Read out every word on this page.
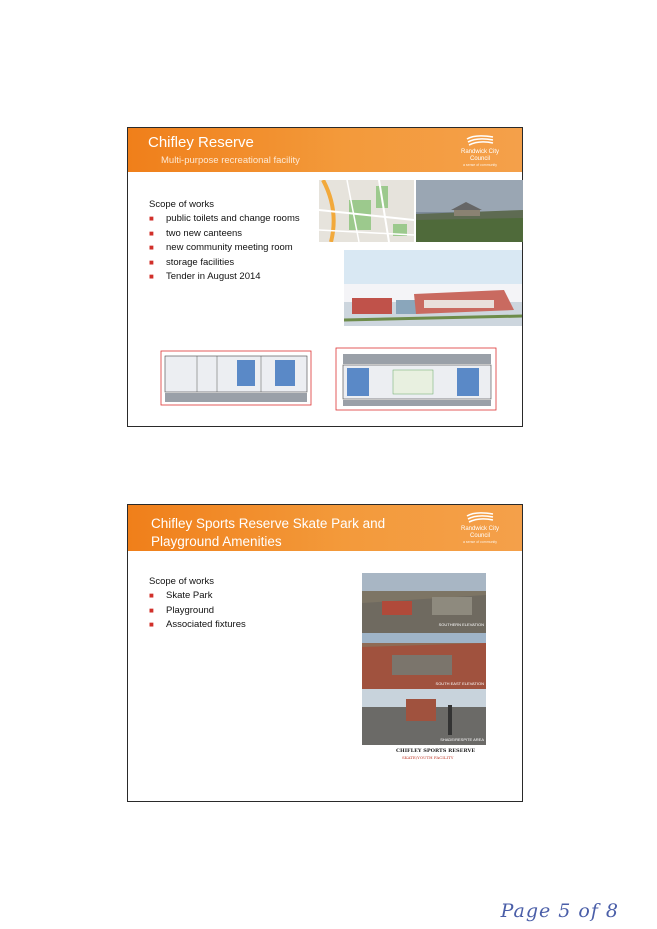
Chifley Reserve
Multi-purpose recreational facility
Randwick City
Council
a sense of community
Scope of works
■ public toilets and change rooms
■ two new canteens
■ new community meeting room
■ storage facilities
■ Tender in August 2014
Chifley Sports Reserve Skate Park and Playground Amenities
Randwick City
Council
a sense of community
Scope of works
■ Skate Park
■ Playground
■ Associated fixtures	SOUTHERN ELEVATION
SOUTH EAST ELEVATION
SHADE/RESPITE AREA
CHIFLEY SPORTS RESERVE
SKATE/YOUTH FACILITY
Page 5 of 8
